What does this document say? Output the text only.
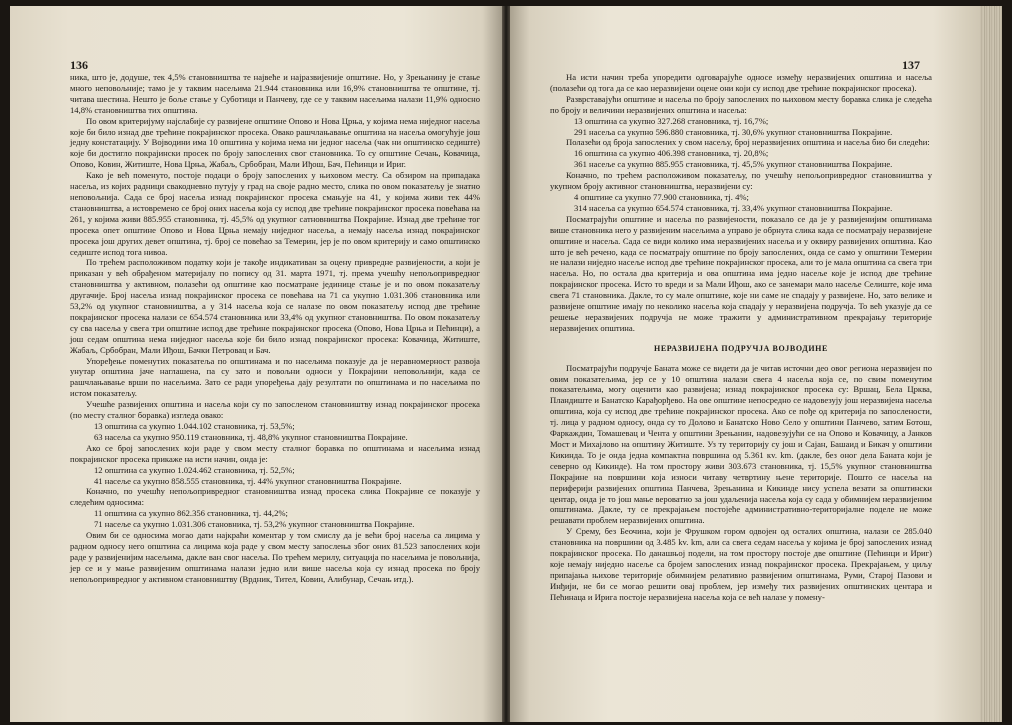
136

ника, што је, додуше, тек 4,5% становништва те највеће и најразвијеније општине. Но, у Зрењанину је стање много неповољније; тамо је у таквим насељима 21.944 становника или 16,9% становништва те општине, тј. читава шестина. Нешто је боље стање у Суботици и Панчеву, где се у таквим насељима налази 11,9% односно 14,8% становништва тих општина.

По овом критеријуму најслабије су развијене општине Опово и Нова Црња, у којима нема ниједног насеља које би било изнад две трећине покрајинског просека. Овако рашчлањавање општина на насеља омогућује још једну констатацију. У Војводини има 10 општина у којима нема ни једног насеља (чак ни општинско седиште) које би достигло покрајински просек по броју запослених свог становника. То су општине Сечањ, Ковачица, Опово, Ковин, Житиште, Нова Црња, Жабаљ, Србобран, Мали Иђош, Бач, Пећинци и Ириг.

Како је већ поменуто, постоје подаци о броју запослених у њиховом месту. Са обзиром на припадака насеља, из којих радници свакодневно путују у град на своје радно место, слика по овом показатељу је знатно неповољнија. Сада се број насеља изнад покрајинског просека смањује на 41, у којима живи тек 44% становништва, а истовремено се број оних насеља која су испод две трећине покрајинског просека повећава на 261, у којима живи 885.955 становника, тј. 45,5% од укупног сатновништва Покрајине. Изнад две трећине тог просека опет општине Опово и Нова Црња немају ниједног насеља, а немају насеља изнад покрајинског просека још других девет општина, тј. број се повећао за Темерин, јер је по овом критерију и само општинско седиште испод тога нивоа.

По трећем расположивом податку који је такође индикативан за оцену привредне развијености, а који је приказан у већ обрађеном материјалу по попису од 31. марта 1971, тј. према учешћу непољопривредног становништва у активном, полазећи од општине као посматране јединице стање је и по овом показатељу другачије. Број насеља изнад покрајинског просека се повећава на 71 са укупно 1.031.306 становника или 53,2% од укупног становништва, а у 314 насеља која се налазе по овом показатељу испод две трећине покрајинског просека налази се 654.574 становника или 33,4% од укупног становништва. По овом показатељу су сва насеља у свега три општине испод две трећине покрајинског просека (Опово, Нова Црња и Пећинци), а још седам општина нема ниједног насеља које би било изнад покрајинског просека: Ковачица, Житиште, Жабаљ, Србобран, Мали Иђош, Бачки Петровац и Бач.

Упоређење поменутих показатеља по општинама и по насељима показује да је неравномерност развоја унутар општина јаче наглашена, па су зато и повољни односи у Покрајини неповољнији, када се рашчлањавање врши по насељима. Зато се ради упоређења дају резултати по општинама и по насељима по истом показатељу.

Учешће развијених општина и насеља који су по запосленом становништву изнад покрајинског просека (по месту сталног боравка) изгледа овако:

13 општина са укупно 1.044.102 становника, тј. 53,5%;

63 насеља са укупно 950.119 становника, тј. 48,8% укупног становништва Покрајине.

Ако се број запослених који раде у свом месту сталног боравка по општинама и насељима изнад покрајинског просека прикаже на исти начин, онда је:

12 општина са укупно 1.024.462 становника, тј. 52,5%;

41 насеље са укупно 858.555 становника, тј. 44% укупног становништва Покрајине.

Коначно, по учешћу непољопривредног становништва изнад просека слика Покрајине се показује у следећим односима:

11 општина са укупно 862.356 становника, тј. 44,2%;

71 насеље са укупно 1.031.306 становника, тј. 53,2% укупног становништва Покрајине.

Овим би се односима могао дати најкраћи коментар у том смислу да је већи број насеља са лицима у радном односу него општина са лицима која раде у свом месту запослења због оних 81.523 запослених који раде у развијенијим насељима, дакле ван свог насеља. По трећем мерилу, ситуација по насељима је повољнија, јер се и у мање развијеним општинама налази једно или више насеља која су изнад просека по броју непољопривредног у активном становништву (Врдник, Тител, Ковин, Алибунар, Сечањ итд.).

137

На исти начин треба упоредити одговарајуће односе између неразвијених општина и насеља (полазећи од тога да се као неразвијени оцене они који су испод две трећине покрајинског просека).

Разврставајући општине и насеља по броју запослених по њиховом месту боравка слика је следећа по броју и величини неразвијених општина и насеља:

13 општина са укупно 327.268 становника, тј. 16,7%;

291 насеља са укупно 596.880 становника, тј. 30,6% укупног становништва Покрајине.

Полазећи од броја запослених у свом насељу, број неразвијених општина и насеља био би следећи:

16 општина са укупно 406.398 становника, тј. 20,8%;

361 насеље са укупно 885.955 становника, тј. 45,5% укупног становништва Покрајине.

Коначно, по трећем расположивом показатељу, по учешћу непољопривредног становништва у укупном броју активног становништва, неразвијени су:

4 општине са укупно 77.900 становника, тј. 4%;

314 насеља са укупно 654.574 становника, тј. 33,4% укупног становништва Покрајине.

Посматрајући општине и насеља по развијености, показало се да је у развијенијим општинама више становника него у развијеним насељима а управо је обрнута слика када се посматрају неразвијене општине и насеља. Сада се види колико има неразвијених насеља и у оквиру развијених општина. Као што је већ речено, када се посматрају општине по броју запослених, онда се само у општини Темерин не налази ниједно насеље испод две трећине покрајинског просека, али то је мала општина са свега три насеља. Но, по остала два критерија и ова општина има једно насеље које је испод две трећине покрајинског просека. Исто то вреди и за Мали Иђош, ако се занемари мало насеље Селиште, које има свега 71 становника. Дакле, то су мале општине, које ни саме не спадају у развијене. Но, зато велике и развијене општине имају по неколико насеља која спадају у неразвијена подручја. То већ указује да се решење неразвијених подручја не може тражити у административном прекрајању територије неразвијених општина.

НЕРАЗВИЈЕНА ПОДРУЧЈА ВОЈВОДИНЕ

Посматрајући подручје Баната може се видети да је читав источни део овог региона неразвијен по овим показатељима, јер се у 10 општина налази свега 4 насеља која се, по свим поменутим показатељима, могу оценити као развијена; изнад покрајинског просека су: Вршац, Бела Црква, Пландиште и Банатско Карађорђево. На ове општине непосредно се надовезују још неразвијена насеља општина, која су испод две трећине покрајинског просека. Ако се пође од критерија по запослености, тј. лица у радном односу, онда су то Долово и Банатско Ново Село у општини Панчево, затим Ботош, Фаркаждин, Томашевац и Чента у општини Зрењанин, надовезујући се на Опово и Ковачицу, а Јанков Мост и Михајлово на општину Житиште. Уз ту територију су још и Сајан, Башаид и Бикач у општини Кикинда. То је онда једна компактна површина од 5.361 кv. km. (даклe, без оног дела Баната који је северно од Кикинде). На том простору живи 303.673 становника, тј. 15,5% укупног становништва Покрајине на површини која износи читаву четвртину њене територије. Поштo се насеља на периферији развијених општина Панчева, Зрењанина и Кикинде нису успела везати за општински центар, онда је то још мање вероватно за још удаљенија насеља која су сада у обимнијем неразвијеним општинама. Дакле, ту се прекрајањем постојеће административно-територијалне поделе не може решавати проблем неразвијених општина.

У Срему, без Беочина, који је Фрушком гором одвојен од осталих општина, налази се 285.040 становника на површини од 3.485 kv. km, али са свега седам насеља у којима је број запослених изнад покрајинског просека. По данашњој подели, на том простору постоје две општине (Пећинци и Ириг) које немају ниједно насеље са бројем запослених изнад покрајинског просека. Прекрајањем, у циљу припајања њихове територије обимнијем релативно развијеним општинама, Руми, Старој Пазови и Инђији, не би се могао решити овај проблем, јер између тих развијених општинских центара и Пећинаца и Ирига постоје неразвијена насеља која се већ налазе у помену-
